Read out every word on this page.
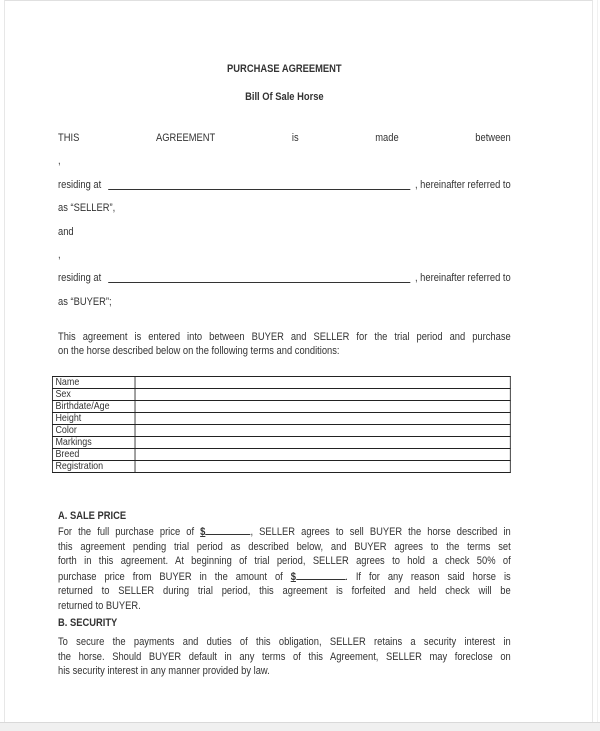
PURCHASE AGREEMENT
Bill Of Sale Horse
THIS	AGREEMENT	is	made	between
,
residing at	, hereinafter referred to
as “SELLER”,
and
,
residing at	, hereinafter referred to
as “BUYER”;
This agreement is entered into between BUYER and SELLER for the trial period and purchase
on the horse described below on the following terms and conditions:
Name	
Sex	
Birthdate/Age	
Height	
Color	
Markings	
Breed	
Registration	
A. SALE PRICE
For the full purchase price of $	, SELLER agrees to sell BUYER the horse described in
this agreement pending trial period as described below, and BUYER agrees to the terms set
forth in this agreement. At beginning of trial period, SELLER agrees to hold a check 50% of
purchase price from BUYER in the amount of $	. If for any reason said horse is
returned to SELLER during trial period, this agreement is forfeited and held check will be
returned to BUYER.
B. SECURITY
To secure the payments and duties of this obligation, SELLER retains a security interest in
the horse. Should BUYER default in any terms of this Agreement, SELLER may foreclose on
his security interest in any manner provided by law.
